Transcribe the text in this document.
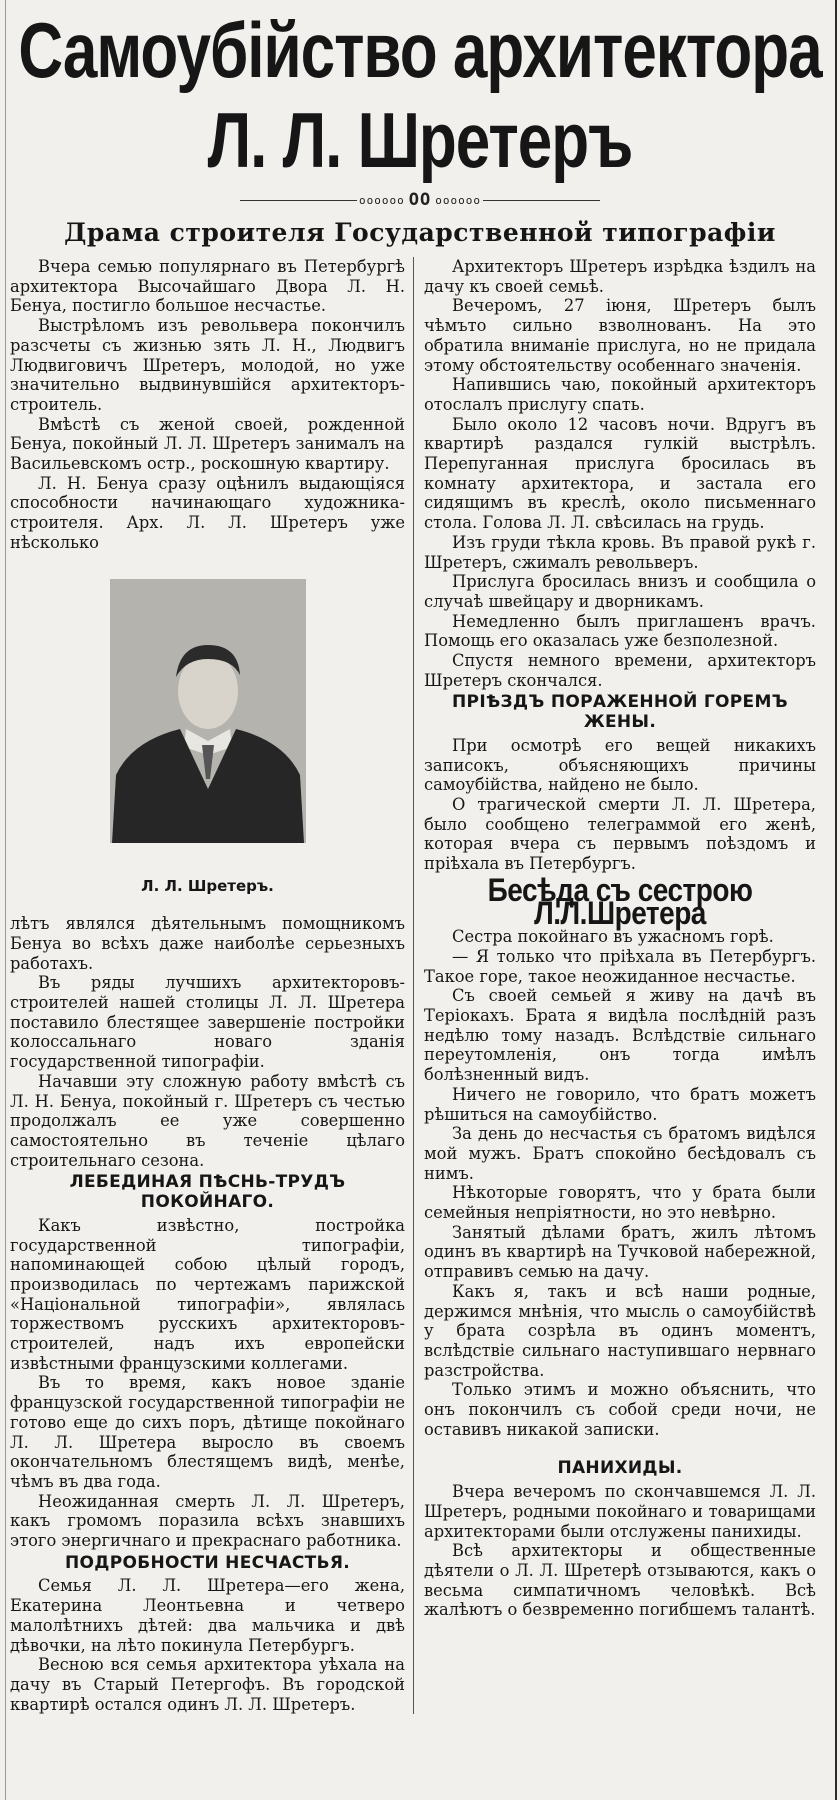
Самоубійство архитектора
Л. Л. Шретеръ
оооооо ОО оооооо
Драма строителя Государственной типографіи

Вчера семью популярнаго въ Петербургѣ архитектора Высочайшаго Двора Л. Н. Бенуа, постигло большое несчастье.

Выстрѣломъ изъ револьвера покончилъ разсчеты съ жизнью зять Л. Н., Людвигъ Людвиговичъ Шретеръ, молодой, но уже значительно выдвинувшійся архитекторъ-строитель.

Вмѣстѣ съ женой своей, рожденной Бенуа, покойный Л. Л. Шретеръ занималъ на Васильевскомъ остр., роскошную квартиру.

Л. Н. Бенуа сразу оцѣнилъ выдающіяся способности начинающаго художника-строителя. Арх. Л. Л. Шретеръ уже нѣсколько

Л. Л. Шретеръ.

лѣтъ являлся дѣятельнымъ помощникомъ Бенуа во всѣхъ даже наиболѣе серьезныхъ работахъ.

Въ ряды лучшихъ архитекторовъ-строителей нашей столицы Л. Л. Шретера поставило блестящее завершеніе постройки колоссальнаго новаго зданія государственной типографіи.

Начавши эту сложную работу вмѣстѣ съ Л. Н. Бенуа, покойный г. Шретеръ съ честью продолжалъ ее уже совершенно самостоятельно въ теченіе цѣлаго строительнаго сезона.

ЛЕБЕДИНАЯ ПѢСНЬ-ТРУДЪ ПОКОЙНАГО.

Какъ извѣстно, постройка государственной типографіи, напоминающей собою цѣлый городъ, производилась по чертежамъ парижской «Національной типографіи», являлась торжествомъ русскихъ архитекторовъ-строителей, надъ ихъ европейски извѣстными французскими коллегами.

Въ то время, какъ новое зданіе французской государственной типографіи не готово еще до сихъ поръ, дѣтище покойнаго Л. Л. Шретера выросло въ своемъ окончательномъ блестящемъ видѣ, менѣе, чѣмъ въ два года.

Неожиданная смерть Л. Л. Шретеръ, какъ громомъ поразила всѣхъ знавшихъ этого энергичнаго и прекраснаго работника.

ПОДРОБНОСТИ НЕСЧАСТЬЯ.

Семья Л. Л. Шретера—его жена, Екатерина Леонтьевна и четверо малолѣтнихъ дѣтей: два мальчика и двѣ дѣвочки, на лѣто покинула Петербургъ.

Весною вся семья архитектора уѣхала на дачу въ Старый Петергофъ. Въ городской квартирѣ остался одинъ Л. Л. Шретеръ.

Архитекторъ Шретеръ изрѣдка ѣздилъ на дачу къ своей семьѣ.

Вечеромъ, 27 іюня, Шретеръ былъ чѣмъто сильно взволнованъ. На это обратила вниманіе прислуга, но не придала этому обстоятельству особеннаго значенія.

Напившись чаю, покойный архитекторъ отослалъ прислугу спать.

Было около 12 часовъ ночи. Вдругъ въ квартирѣ раздался гулкій выстрѣлъ. Перепуганная прислуга бросилась въ комнату архитектора, и застала его сидящимъ въ креслѣ, около письменнаго стола. Голова Л. Л. свѣсилась на грудь.

Изъ груди тѣкла кровь. Въ правой рукѣ г. Шретеръ, сжималъ револьверъ.

Прислуга бросилась внизъ и сообщила о случаѣ швейцару и дворникамъ.

Немедленно былъ приглашенъ врачъ. Помощь его оказалась уже безполезной.

Спустя немного времени, архитекторъ Шретеръ скончался.

ПРІѢЗДЪ ПОРАЖЕННОЙ ГОРЕМЪ ЖЕНЫ.

При осмотрѣ его вещей никакихъ записокъ, объясняющихъ причины самоубійства, найдено не было.

О трагической смерти Л. Л. Шретера, было сообщено телеграммой его женѣ, которая вчера съ первымъ поѣздомъ и пріѣхала въ Петербургъ.

Бесѣда съ сестрою Л.Л.Шретера

Сестра покойнаго въ ужасномъ горѣ.

— Я только что пріѣхала въ Петербургъ. Такое горе, такое неожиданное несчастье.

Съ своей семьей я живу на дачѣ въ Теріокахъ. Брата я видѣла послѣдній разъ недѣлю тому назадъ. Вслѣдствіе сильнаго переутомленія, онъ тогда имѣлъ болѣзненный видъ.

Ничего не говорило, что братъ можетъ рѣшиться на самоубійство.

За день до несчастья съ братомъ видѣлся мой мужъ. Братъ спокойно бесѣдовалъ съ нимъ.

Нѣкоторые говорятъ, что у брата были семейныя непріятности, но это невѣрно.

Занятый дѣлами братъ, жилъ лѣтомъ одинъ въ квартирѣ на Тучковой набережной, отправивъ семью на дачу.

Какъ я, такъ и всѣ наши родные, держимся мнѣнія, что мысль о самоубійствѣ у брата созрѣла въ одинъ моментъ, вслѣдствіе сильнаго наступившаго нервнаго разстройства.

Только этимъ и можно объяснить, что онъ покончилъ съ собой среди ночи, не оставивъ никакой записки.

ПАНИХИДЫ.

Вчера вечеромъ по скончавшемся Л. Л. Шретеръ, родными покойнаго и товарищами архитекторами были отслужены панихиды.

Всѣ архитекторы и общественные дѣятели о Л. Л. Шретерѣ отзываются, какъ о весьма симпатичномъ человѣкѣ. Всѣ жалѣютъ о безвременно погибшемъ талантѣ.
